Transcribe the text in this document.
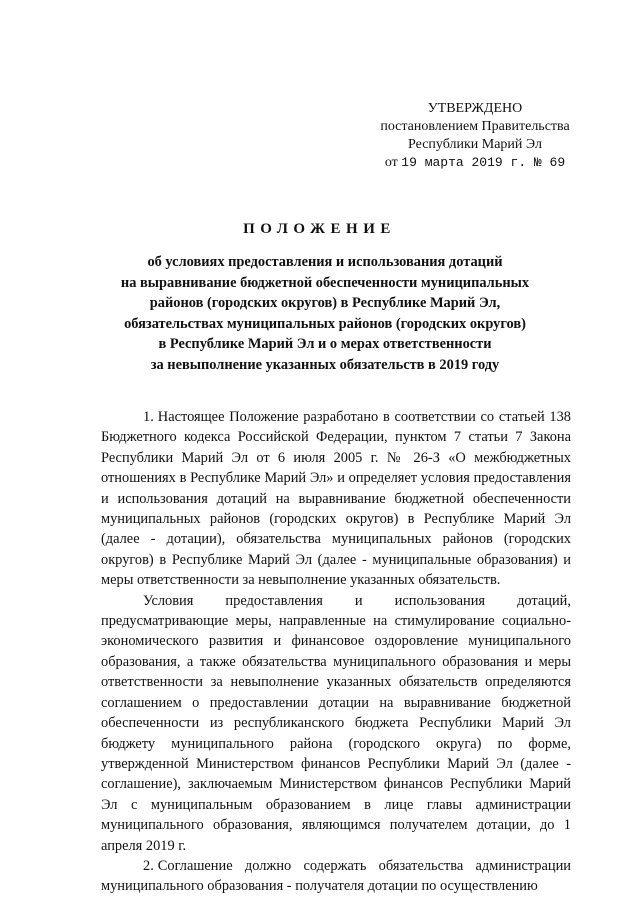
УТВЕРЖДЕНО
постановлением Правительства
Республики Марий Эл
от 19 марта 2019 г. № 69
ПОЛОЖЕНИЕ
об условиях предоставления и использования дотаций
на выравнивание бюджетной обеспеченности муниципальных
районов (городских округов) в Республике Марий Эл,
обязательствах муниципальных районов (городских округов)
в Республике Марий Эл и о мерах ответственности
за невыполнение указанных обязательств в 2019 году

1. Настоящее Положение разработано в соответствии со статьей 138 Бюджетного кодекса Российской Федерации, пунктом 7 статьи 7 Закона Республики Марий Эл от 6 июля 2005 г. № 26-З «О межбюджетных отношениях в Республике Марий Эл» и определяет условия предоставления и использования дотаций на выравнивание бюджетной обеспеченности муниципальных районов (городских округов) в Республике Марий Эл (далее - дотации), обязательства муниципальных районов (городских округов) в Республике Марий Эл (далее - муниципальные образования) и меры ответственности за невыполнение указанных обязательств.

Условия предоставления и использования дотаций, предусматривающие меры, направленные на стимулирование социально-экономического развития и финансовое оздоровление муниципального образования, а также обязательства муниципального образования и меры ответственности за невыполнение указанных обязательств определяются соглашением о предоставлении дотации на выравнивание бюджетной обеспеченности из республиканского бюджета Республики Марий Эл бюджету муниципального района (городского округа) по форме, утвержденной Министерством финансов Республики Марий Эл (далее - соглашение), заключаемым Министерством финансов Республики Марий Эл с муниципальным образованием в лице главы администрации муниципального образования, являющимся получателем дотации, до 1 апреля 2019 г.

2. Соглашение должно содержать обязательства администрации муниципального образования - получателя дотации по осуществлению
